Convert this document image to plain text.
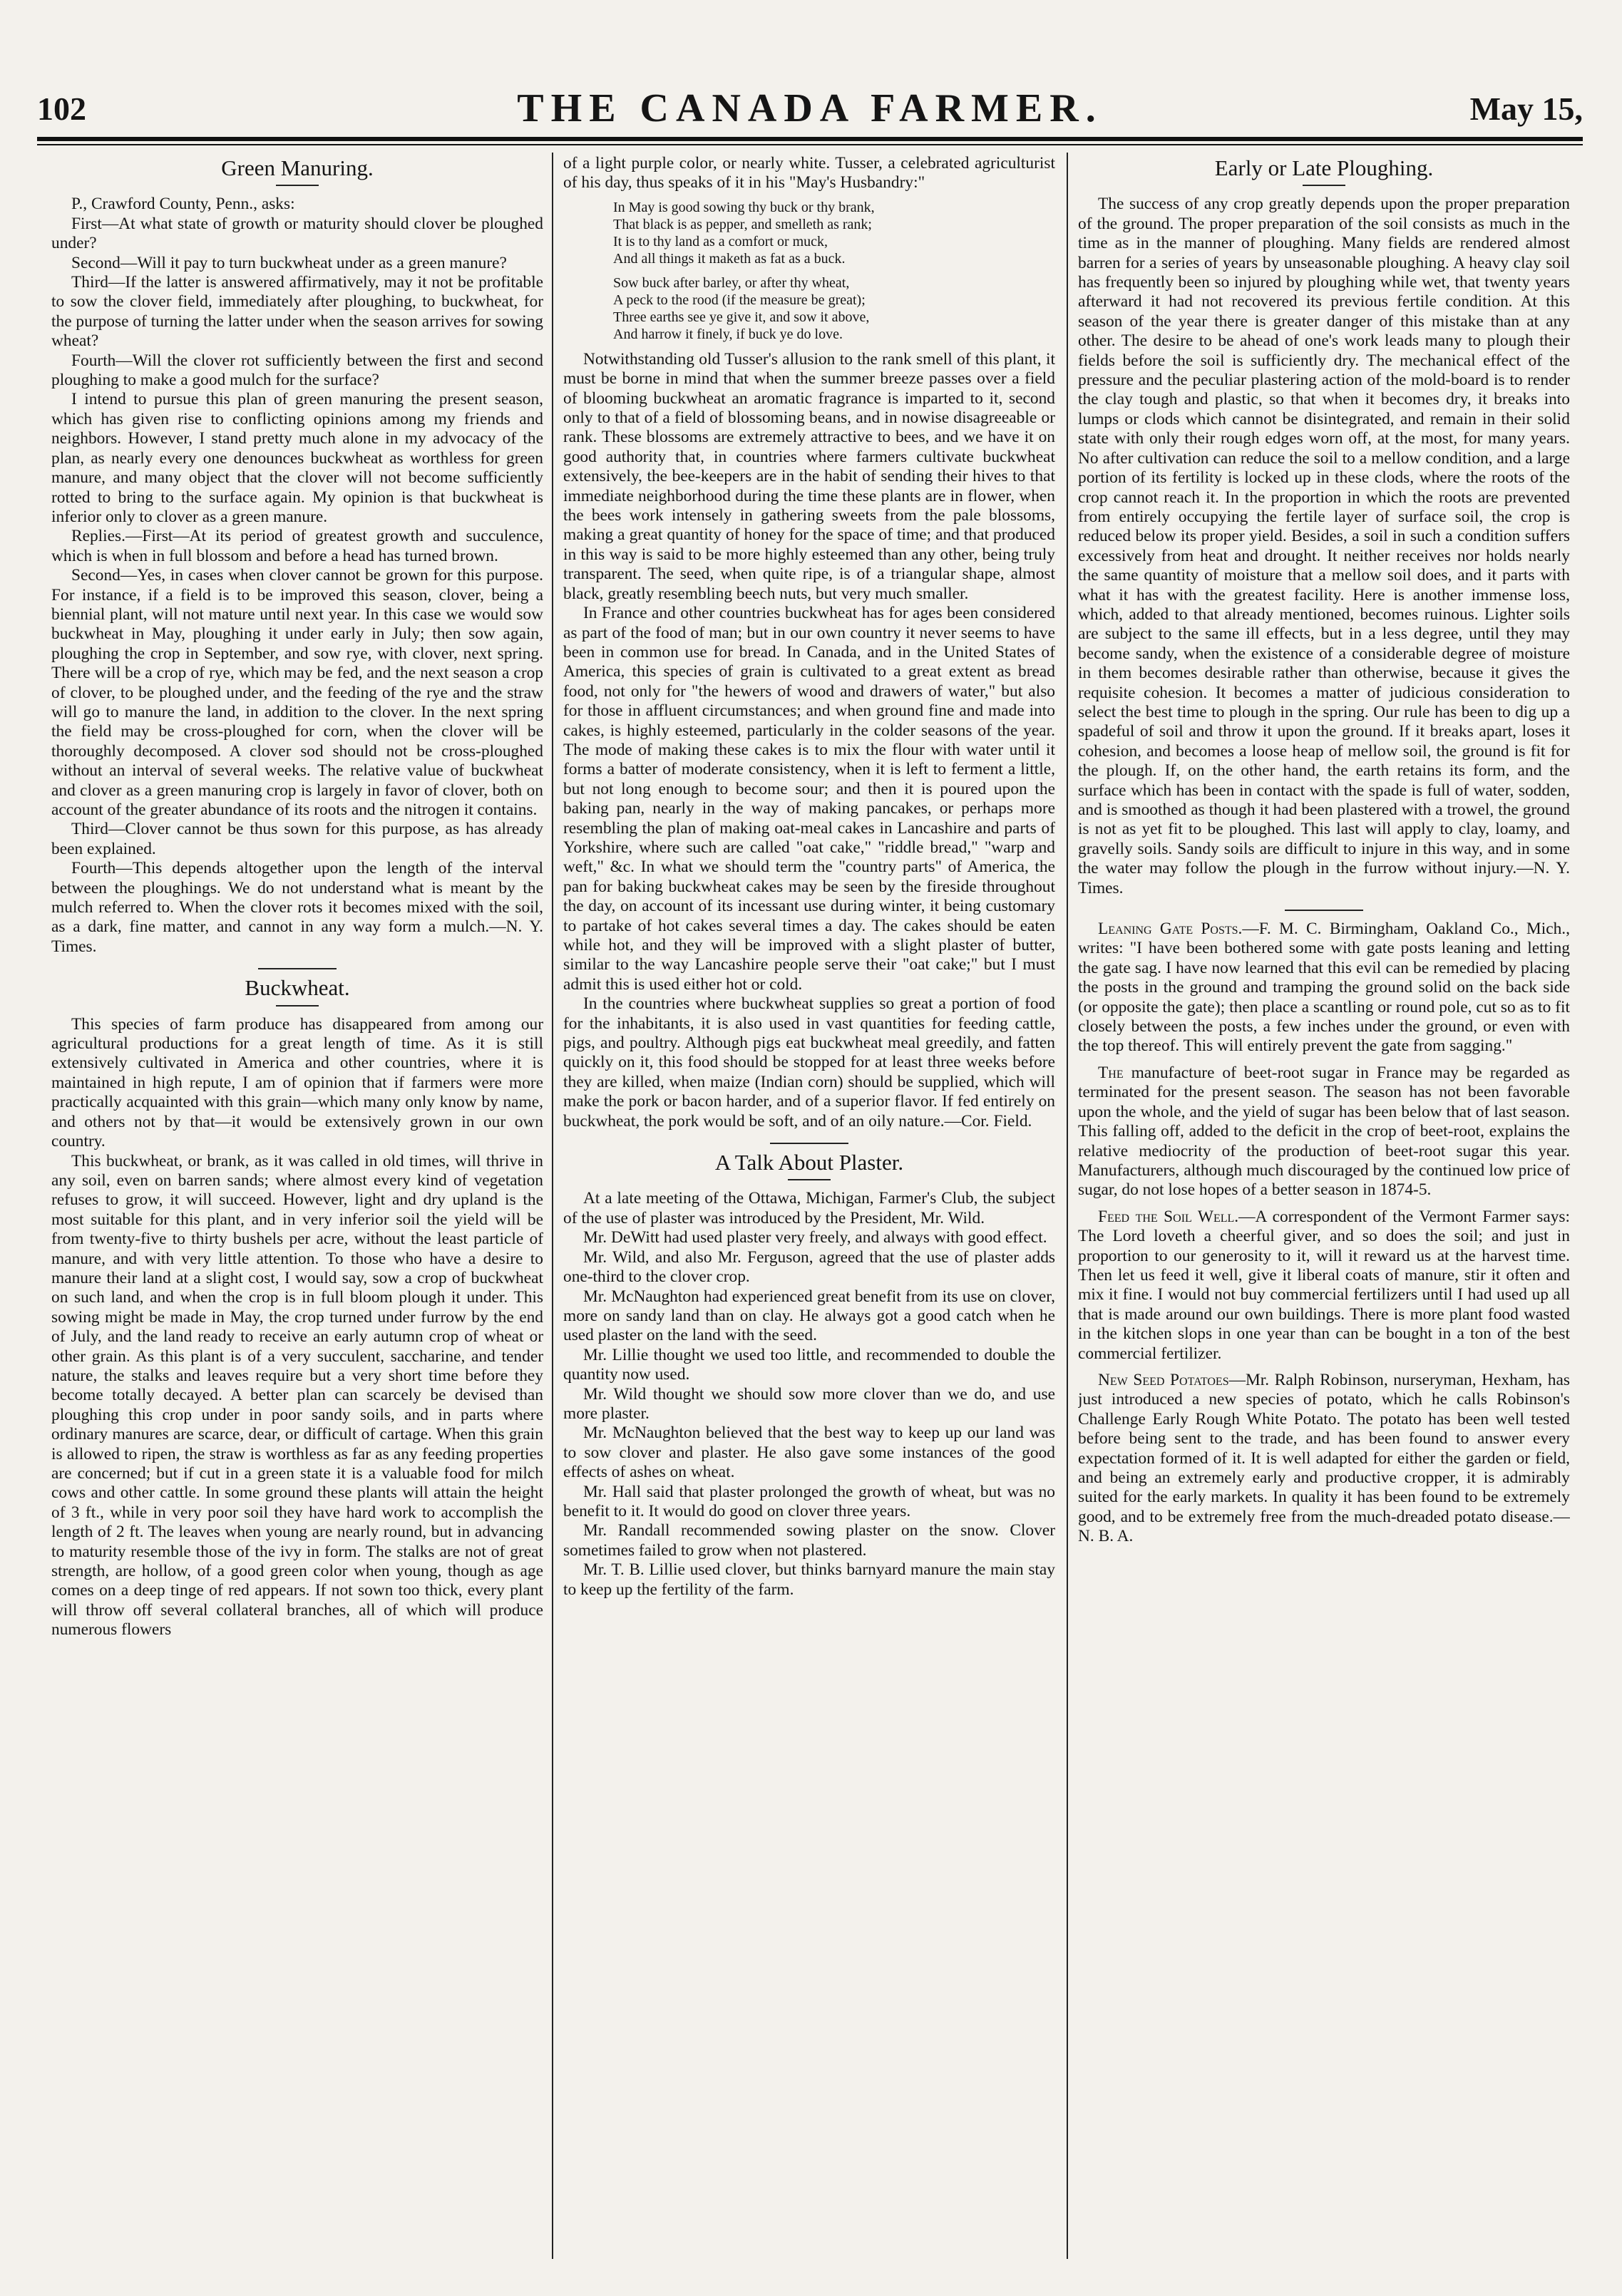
102	THE CANADA FARMER.	May 15,
Green Manuring.

P., Crawford County, Penn., asks:

First—At what state of growth or maturity should clover be ploughed under?

Second—Will it pay to turn buckwheat under as a green manure?

Third—If the latter is answered affirmatively, may it not be profitable to sow the clover field, immediately after ploughing, to buckwheat, for the purpose of turning the latter under when the season arrives for sowing wheat?

Fourth—Will the clover rot sufficiently between the first and second ploughing to make a good mulch for the surface?

I intend to pursue this plan of green manuring the present season, which has given rise to conflicting opinions among my friends and neighbors. However, I stand pretty much alone in my advocacy of the plan, as nearly every one denounces buckwheat as worthless for green manure, and many object that the clover will not become sufficiently rotted to bring to the surface again. My opinion is that buckwheat is inferior only to clover as a green manure.

Replies.—First—At its period of greatest growth and succulence, which is when in full blossom and before a head has turned brown.

Second—Yes, in cases when clover cannot be grown for this purpose. For instance, if a field is to be improved this season, clover, being a biennial plant, will not mature until next year. In this case we would sow buckwheat in May, ploughing it under early in July; then sow again, ploughing the crop in September, and sow rye, with clover, next spring. There will be a crop of rye, which may be fed, and the next season a crop of clover, to be ploughed under, and the feeding of the rye and the straw will go to manure the land, in addition to the clover. In the next spring the field may be cross-ploughed for corn, when the clover will be thoroughly decomposed. A clover sod should not be cross-ploughed without an interval of several weeks. The relative value of buckwheat and clover as a green manuring crop is largely in favor of clover, both on account of the greater abundance of its roots and the nitrogen it contains.

Third—Clover cannot be thus sown for this purpose, as has already been explained.

Fourth—This depends altogether upon the length of the interval between the ploughings. We do not understand what is meant by the mulch referred to. When the clover rots it becomes mixed with the soil, as a dark, fine matter, and cannot in any way form a mulch.—N. Y. Times.

Buckwheat.

This species of farm produce has disappeared from among our agricultural productions for a great length of time. As it is still extensively cultivated in America and other countries, where it is maintained in high repute, I am of opinion that if farmers were more practically acquainted with this grain—which many only know by name, and others not by that—it would be extensively grown in our own country.

This buckwheat, or brank, as it was called in old times, will thrive in any soil, even on barren sands; where almost every kind of vegetation refuses to grow, it will succeed. However, light and dry upland is the most suitable for this plant, and in very inferior soil the yield will be from twenty-five to thirty bushels per acre, without the least particle of manure, and with very little attention. To those who have a desire to manure their land at a slight cost, I would say, sow a crop of buckwheat on such land, and when the crop is in full bloom plough it under. This sowing might be made in May, the crop turned under furrow by the end of July, and the land ready to receive an early autumn crop of wheat or other grain. As this plant is of a very succulent, saccharine, and tender nature, the stalks and leaves require but a very short time before they become totally decayed. A better plan can scarcely be devised than ploughing this crop under in poor sandy soils, and in parts where ordinary manures are scarce, dear, or difficult of cartage. When this grain is allowed to ripen, the straw is worthless as far as any feeding properties are concerned; but if cut in a green state it is a valuable food for milch cows and other cattle. In some ground these plants will attain the height of 3 ft., while in very poor soil they have hard work to accomplish the length of 2 ft. The leaves when young are nearly round, but in advancing to maturity resemble those of the ivy in form. The stalks are not of great strength, are hollow, of a good green color when young, though as age comes on a deep tinge of red appears. If not sown too thick, every plant will throw off several collateral branches, all of which will produce numerous flowers

of a light purple color, or nearly white. Tusser, a celebrated agriculturist of his day, thus speaks of it in his "May's Husbandry:"

In May is good sowing thy buck or thy brank,
That black is as pepper, and smelleth as rank;
It is to thy land as a comfort or muck,
And all things it maketh as fat as a buck.
Sow buck after barley, or after thy wheat,
A peck to the rood (if the measure be great);
Three earths see ye give it, and sow it above,
And harrow it finely, if buck ye do love.

Notwithstanding old Tusser's allusion to the rank smell of this plant, it must be borne in mind that when the summer breeze passes over a field of blooming buckwheat an aromatic fragrance is imparted to it, second only to that of a field of blossoming beans, and in nowise disagreeable or rank. These blossoms are extremely attractive to bees, and we have it on good authority that, in countries where farmers cultivate buckwheat extensively, the bee-keepers are in the habit of sending their hives to that immediate neighborhood during the time these plants are in flower, when the bees work intensely in gathering sweets from the pale blossoms, making a great quantity of honey for the space of time; and that produced in this way is said to be more highly esteemed than any other, being truly transparent. The seed, when quite ripe, is of a triangular shape, almost black, greatly resembling beech nuts, but very much smaller.

In France and other countries buckwheat has for ages been considered as part of the food of man; but in our own country it never seems to have been in common use for bread. In Canada, and in the United States of America, this species of grain is cultivated to a great extent as bread food, not only for "the hewers of wood and drawers of water," but also for those in affluent circumstances; and when ground fine and made into cakes, is highly esteemed, particularly in the colder seasons of the year. The mode of making these cakes is to mix the flour with water until it forms a batter of moderate consistency, when it is left to ferment a little, but not long enough to become sour; and then it is poured upon the baking pan, nearly in the way of making pancakes, or perhaps more resembling the plan of making oat-meal cakes in Lancashire and parts of Yorkshire, where such are called "oat cake," "riddle bread," "warp and weft," &c. In what we should term the "country parts" of America, the pan for baking buckwheat cakes may be seen by the fireside throughout the day, on account of its incessant use during winter, it being customary to partake of hot cakes several times a day. The cakes should be eaten while hot, and they will be improved with a slight plaster of butter, similar to the way Lancashire people serve their "oat cake;" but I must admit this is used either hot or cold.

In the countries where buckwheat supplies so great a portion of food for the inhabitants, it is also used in vast quantities for feeding cattle, pigs, and poultry. Although pigs eat buckwheat meal greedily, and fatten quickly on it, this food should be stopped for at least three weeks before they are killed, when maize (Indian corn) should be supplied, which will make the pork or bacon harder, and of a superior flavor. If fed entirely on buckwheat, the pork would be soft, and of an oily nature.—Cor. Field.

A Talk About Plaster.

At a late meeting of the Ottawa, Michigan, Farmer's Club, the subject of the use of plaster was introduced by the President, Mr. Wild.

Mr. DeWitt had used plaster very freely, and always with good effect.

Mr. Wild, and also Mr. Ferguson, agreed that the use of plaster adds one-third to the clover crop.

Mr. McNaughton had experienced great benefit from its use on clover, more on sandy land than on clay. He always got a good catch when he used plaster on the land with the seed.

Mr. Lillie thought we used too little, and recommended to double the quantity now used.

Mr. Wild thought we should sow more clover than we do, and use more plaster.

Mr. McNaughton believed that the best way to keep up our land was to sow clover and plaster. He also gave some instances of the good effects of ashes on wheat.

Mr. Hall said that plaster prolonged the growth of wheat, but was no benefit to it. It would do good on clover three years.

Mr. Randall recommended sowing plaster on the snow. Clover sometimes failed to grow when not plastered.

Mr. T. B. Lillie used clover, but thinks barnyard manure the main stay to keep up the fertility of the farm.

Early or Late Ploughing.

The success of any crop greatly depends upon the proper preparation of the ground. The proper preparation of the soil consists as much in the time as in the manner of ploughing. Many fields are rendered almost barren for a series of years by unseasonable ploughing. A heavy clay soil has frequently been so injured by ploughing while wet, that twenty years afterward it had not recovered its previous fertile condition. At this season of the year there is greater danger of this mistake than at any other. The desire to be ahead of one's work leads many to plough their fields before the soil is sufficiently dry. The mechanical effect of the pressure and the peculiar plastering action of the mold-board is to render the clay tough and plastic, so that when it becomes dry, it breaks into lumps or clods which cannot be disintegrated, and remain in their solid state with only their rough edges worn off, at the most, for many years. No after cultivation can reduce the soil to a mellow condition, and a large portion of its fertility is locked up in these clods, where the roots of the crop cannot reach it. In the proportion in which the roots are prevented from entirely occupying the fertile layer of surface soil, the crop is reduced below its proper yield. Besides, a soil in such a condition suffers excessively from heat and drought. It neither receives nor holds nearly the same quantity of moisture that a mellow soil does, and it parts with what it has with the greatest facility. Here is another immense loss, which, added to that already mentioned, becomes ruinous. Lighter soils are subject to the same ill effects, but in a less degree, until they may become sandy, when the existence of a considerable degree of moisture in them becomes desirable rather than otherwise, because it gives the requisite cohesion. It becomes a matter of judicious consideration to select the best time to plough in the spring. Our rule has been to dig up a spadeful of soil and throw it upon the ground. If it breaks apart, loses it cohesion, and becomes a loose heap of mellow soil, the ground is fit for the plough. If, on the other hand, the earth retains its form, and the surface which has been in contact with the spade is full of water, sodden, and is smoothed as though it had been plastered with a trowel, the ground is not as yet fit to be ploughed. This last will apply to clay, loamy, and gravelly soils. Sandy soils are difficult to injure in this way, and in some the water may follow the plough in the furrow without injury.—N. Y. Times.

Leaning Gate Posts.—F. M. C. Birmingham, Oakland Co., Mich., writes: "I have been bothered some with gate posts leaning and letting the gate sag. I have now learned that this evil can be remedied by placing the posts in the ground and tramping the ground solid on the back side (or opposite the gate); then place a scantling or round pole, cut so as to fit closely between the posts, a few inches under the ground, or even with the top thereof. This will entirely prevent the gate from sagging."

The manufacture of beet-root sugar in France may be regarded as terminated for the present season. The season has not been favorable upon the whole, and the yield of sugar has been below that of last season. This falling off, added to the deficit in the crop of beet-root, explains the relative mediocrity of the production of beet-root sugar this year. Manufacturers, although much discouraged by the continued low price of sugar, do not lose hopes of a better season in 1874-5.

Feed the Soil Well.—A correspondent of the Vermont Farmer says: The Lord loveth a cheerful giver, and so does the soil; and just in proportion to our generosity to it, will it reward us at the harvest time. Then let us feed it well, give it liberal coats of manure, stir it often and mix it fine. I would not buy commercial fertilizers until I had used up all that is made around our own buildings. There is more plant food wasted in the kitchen slops in one year than can be bought in a ton of the best commercial fertilizer.

New Seed Potatoes—Mr. Ralph Robinson, nurseryman, Hexham, has just introduced a new species of potato, which he calls Robinson's Challenge Early Rough White Potato. The potato has been well tested before being sent to the trade, and has been found to answer every expectation formed of it. It is well adapted for either the garden or field, and being an extremely early and productive cropper, it is admirably suited for the early markets. In quality it has been found to be extremely good, and to be extremely free from the much-dreaded potato disease.—N. B. A.
